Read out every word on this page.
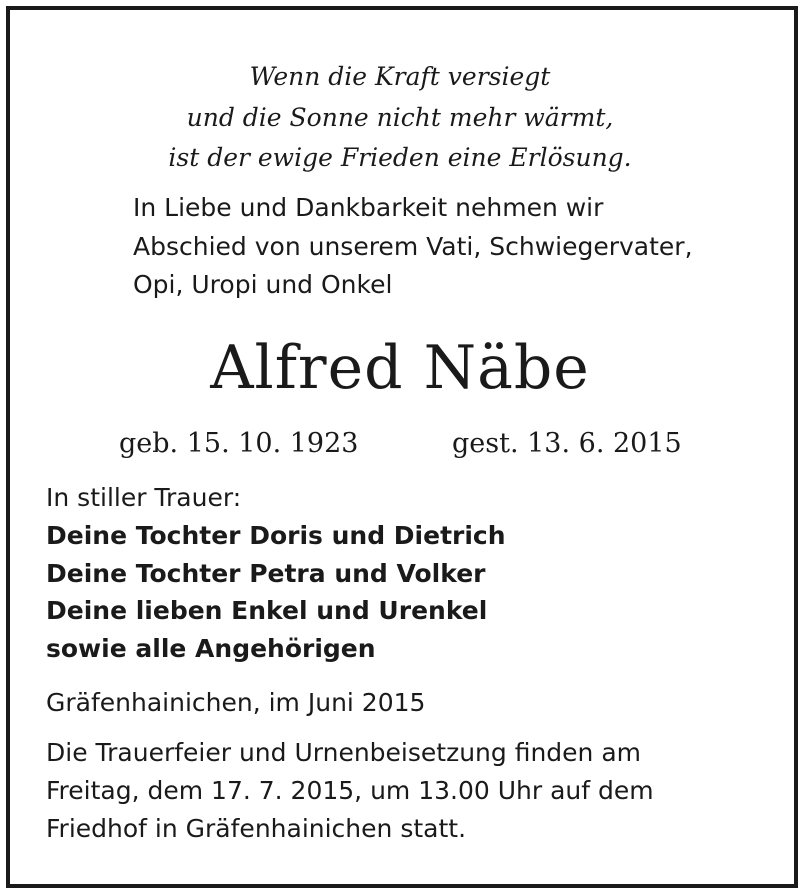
Wenn die Kraft versiegt
und die Sonne nicht mehr wärmt,
ist der ewige Frieden eine Erlösung.
In Liebe und Dankbarkeit nehmen wir
Abschied von unserem Vati, Schwiegervater,
Opi, Uropi und Onkel
Alfred Näbe
geb. 15. 10. 1923	gest. 13. 6. 2015
In stiller Trauer:
Deine Tochter Doris und Dietrich
Deine Tochter Petra und Volker
Deine lieben Enkel und Urenkel
sowie alle Angehörigen
Gräfenhainichen, im Juni 2015
Die Trauerfeier und Urnenbeisetzung finden am
Freitag, dem 17. 7. 2015, um 13.00 Uhr auf dem
Friedhof in Gräfenhainichen statt.
